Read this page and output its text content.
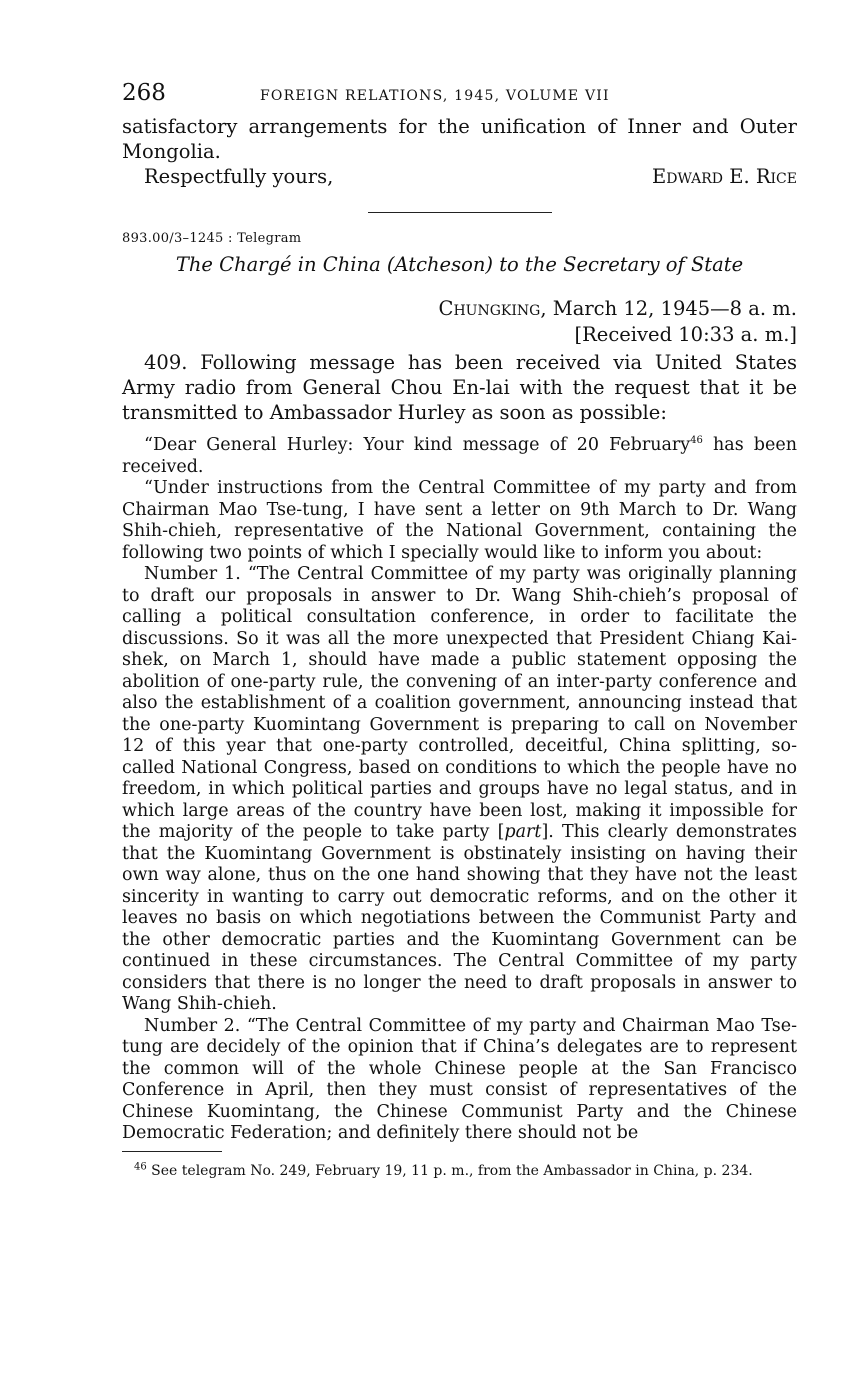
268	FOREIGN RELATIONS, 1945, VOLUME VII

satisfactory arrangements for the unification of Inner and Outer Mongolia.

Respectfully yours,	Edward E. Rice
893.00/3–1245 : Telegram
The Chargé in China (Atcheson) to the Secretary of State
Chungking, March 12, 1945—8 a. m.
[Received 10:33 a. m.]

409. Following message has been received via United States Army radio from General Chou En-lai with the request that it be transmitted to Ambassador Hurley as soon as possible:

“Dear General Hurley: Your kind message of 20 February$^{46}$ has been received.

“Under instructions from the Central Committee of my party and from Chairman Mao Tse-tung, I have sent a letter on 9th March to Dr. Wang Shih-chieh, representative of the National Government, containing the following two points of which I specially would like to inform you about:

Number 1. “The Central Committee of my party was originally planning to draft our proposals in answer to Dr. Wang Shih-chieh’s proposal of calling a political consultation conference, in order to facilitate the discussions. So it was all the more unexpected that President Chiang Kai-shek, on March 1, should have made a public statement opposing the abolition of one-party rule, the convening of an inter-party conference and also the establishment of a coalition government, announcing instead that the one-party Kuomintang Government is preparing to call on November 12 of this year that one-party controlled, deceitful, China splitting, so-called National Congress, based on conditions to which the people have no freedom, in which political parties and groups have no legal status, and in which large areas of the country have been lost, making it impossible for the majority of the people to take party [part]. This clearly demonstrates that the Kuomintang Government is obstinately insisting on having their own way alone, thus on the one hand showing that they have not the least sincerity in wanting to carry out democratic reforms, and on the other it leaves no basis on which negotiations between the Communist Party and the other democratic parties and the Kuomintang Government can be continued in these circumstances. The Central Committee of my party considers that there is no longer the need to draft proposals in answer to Wang Shih-chieh.

Number 2. “The Central Committee of my party and Chairman Mao Tse-tung are decidely of the opinion that if China’s delegates are to represent the common will of the whole Chinese people at the San Francisco Conference in April, then they must consist of representatives of the Chinese Kuomintang, the Chinese Communist Party and the Chinese Democratic Federation; and definitely there should not be

$^{46}$ See telegram No. 249, February 19, 11 p. m., from the Ambassador in China, p. 234.
